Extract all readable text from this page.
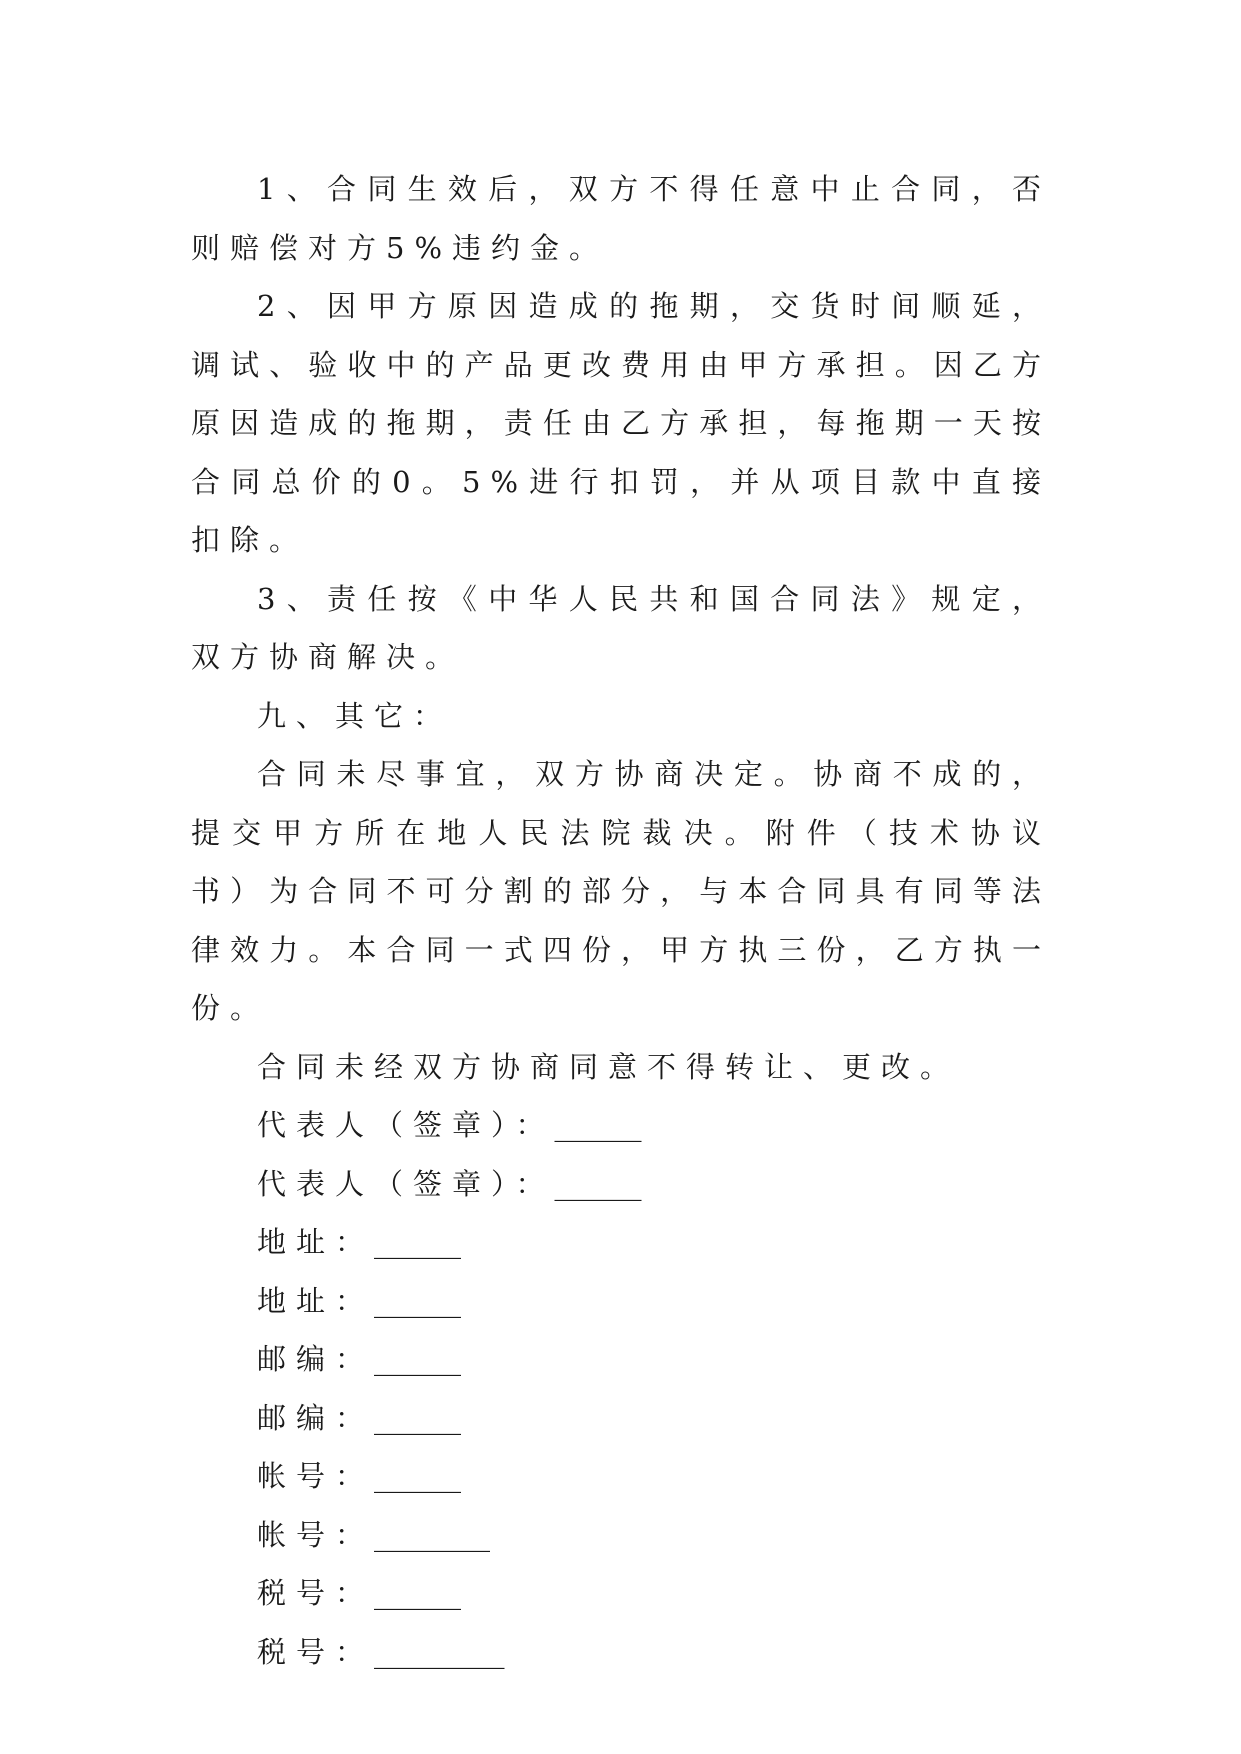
1、合同生效后，双方不得任意中止合同，否则赔偿对方5%违约金。

2、因甲方原因造成的拖期，交货时间顺延，调试、验收中的产品更改费用由甲方承担。因乙方原因造成的拖期，责任由乙方承担，每拖期一天按合同总价的0。5%进行扣罚，并从项目款中直接扣除。

3、责任按《中华人民共和国合同法》规定，双方协商解决。

九、其它：

合同未尽事宜，双方协商决定。协商不成的，提交甲方所在地人民法院裁决。附件（技术协议书）为合同不可分割的部分，与本合同具有同等法律效力。本合同一式四份，甲方执三份，乙方执一份。

合同未经双方协商同意不得转让、更改。

代表人（签章）：______

代表人（签章）：______

地址：______

地址：______

邮编：______

邮编：______

帐号：______

帐号：________

税号：______

税号：_________
